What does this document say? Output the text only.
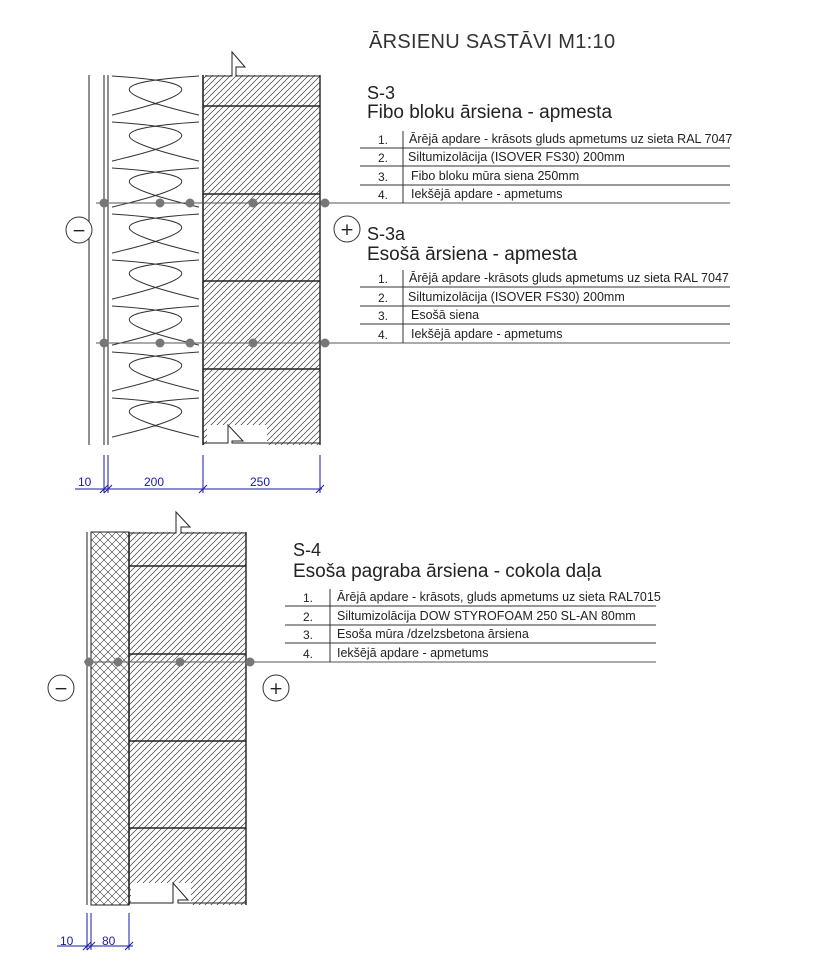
ĀRSIENU SASTĀVI M1:10
−	+
10	200	250
S-3
Fibo bloku ārsiena - apmesta
1. Ārējā apdare - krāsots gluds apmetums uz sieta RAL 7047
2. Siltumizolācija (ISOVER FS30) 200mm
3. Fibo bloku mūra siena 250mm
4. Iekšējā apdare - apmetums
S-3a
Esošā ārsiena - apmesta
1. Ārējā apdare -krāsots gluds apmetums uz sieta RAL 7047
2. Siltumizolācija (ISOVER FS30) 200mm
3. Esošā siena
4. Iekšējā apdare - apmetums
−	+
10 80
S-4
Esoša pagraba ārsiena - cokola daļa
1. Ārējā apdare - krāsots, gluds apmetums uz sieta RAL7015
2. Siltumizolācija DOW STYROFOAM 250 SL-AN 80mm
3. Esoša mūra /dzelzsbetona ārsiena
4. Iekšējā apdare - apmetums
